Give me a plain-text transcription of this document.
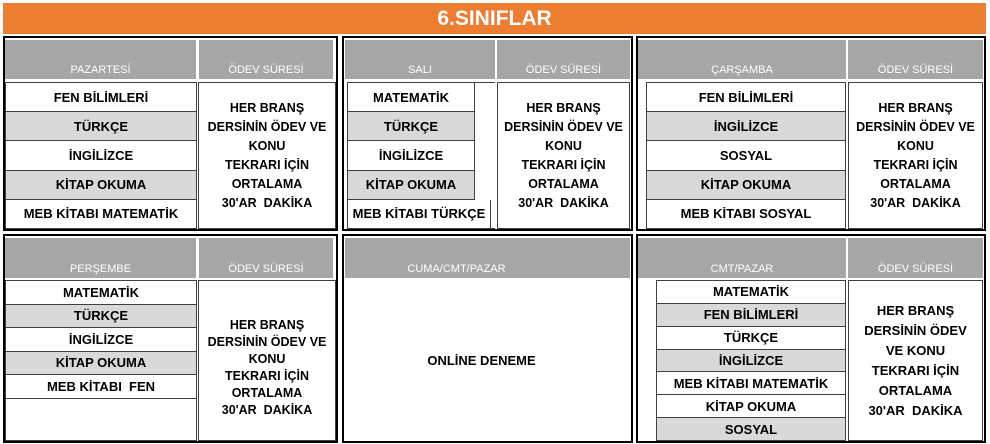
6.SINIFLAR
PAZARTESİ	ÖDEV SÜRESİ
FEN BİLİMLERİ
TÜRKÇE
İNGİLİZCE
KİTAP OKUMA
MEB KİTABI MATEMATİK
HER BRANŞ
DERSİNİN ÖDEV VE
KONU
TEKRARI İÇİN
ORTALAMA
30'AR  DAKİKA
SALI	ÖDEV SÜRESİ
MATEMATİK
TÜRKÇE
İNGİLİZCE
KİTAP OKUMA
MEB KİTABI TÜRKÇE
HER BRANŞ
DERSİNİN ÖDEV VE
KONU
TEKRARI İÇİN
ORTALAMA
30'AR  DAKİKA
ÇARŞAMBA	ÖDEV SÜRESİ
FEN BİLİMLERİ
İNGİLİZCE
SOSYAL
KİTAP OKUMA
MEB KİTABI SOSYAL
HER BRANŞ
DERSİNİN ÖDEV VE
KONU
TEKRARI İÇİN
ORTALAMA
30'AR  DAKİKA
PERŞEMBE	ÖDEV SÜRESİ
MATEMATİK
TÜRKÇE
İNGİLİZCE
KİTAP OKUMA
MEB KİTABI  FEN
HER BRANŞ
DERSİNİN ÖDEV VE
KONU
TEKRARI İÇİN
ORTALAMA
30'AR  DAKİKA
CUMA/CMT/PAZAR
ONLİNE DENEME
CMT/PAZAR	ÖDEV SÜRESİ
MATEMATİK
FEN BİLİMLERİ
TÜRKÇE
İNGİLİZCE
MEB KİTABI MATEMATİK
KİTAP OKUMA
SOSYAL
HER BRANŞ
DERSİNİN ÖDEV
VE KONU
TEKRARI İÇİN
ORTALAMA
30'AR  DAKİKA
